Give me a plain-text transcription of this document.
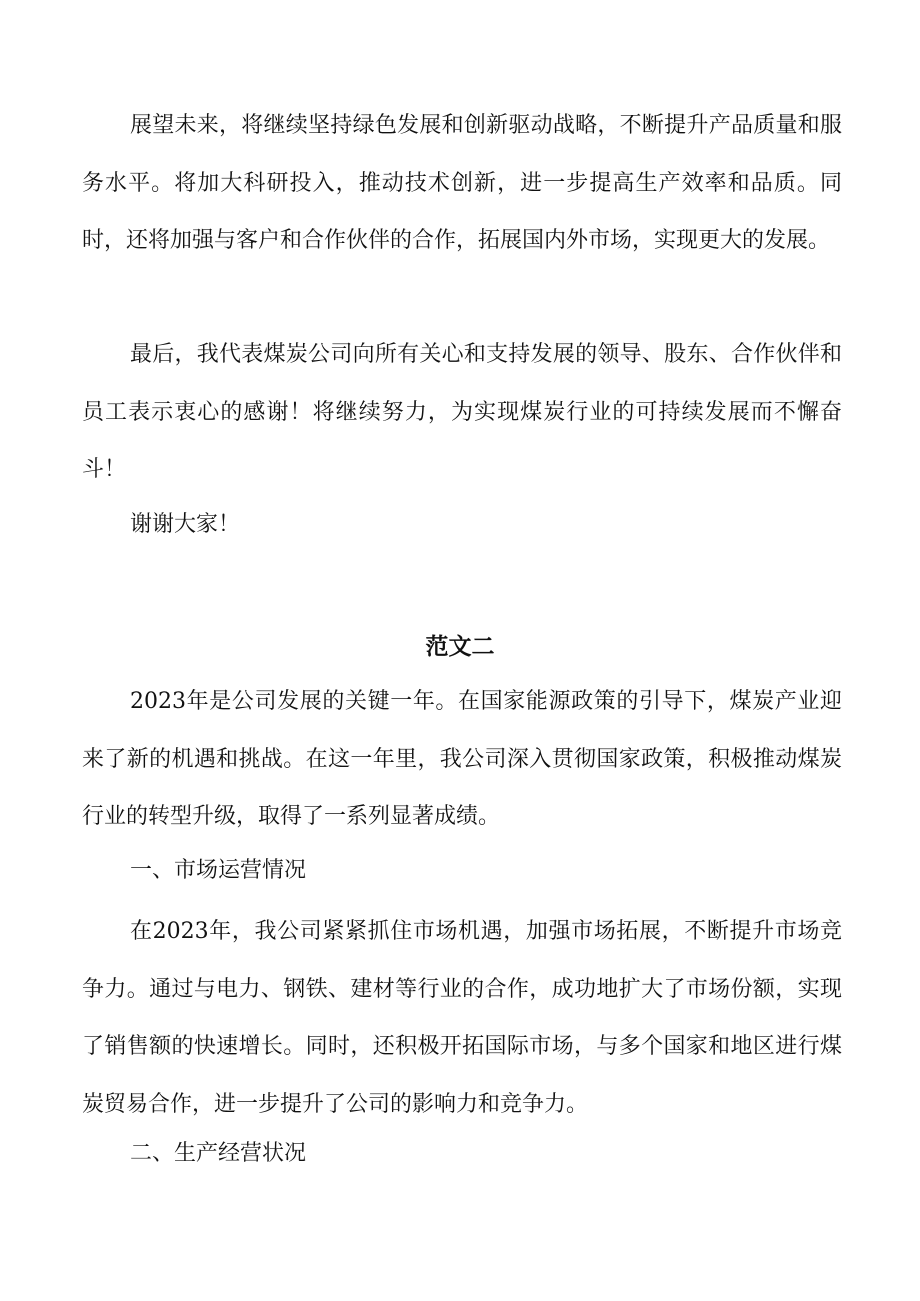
展望未来，将继续坚持绿色发展和创新驱动战略，不断提升产品质量和服务水平。将加大科研投入，推动技术创新，进一步提高生产效率和品质。同时，还将加强与客户和合作伙伴的合作，拓展国内外市场，实现更大的发展。

最后，我代表煤炭公司向所有关心和支持发展的领导、股东、合作伙伴和员工表示衷心的感谢！将继续努力，为实现煤炭行业的可持续发展而不懈奋斗！

谢谢大家！

范文二

2023年是公司发展的关键一年。在国家能源政策的引导下，煤炭产业迎来了新的机遇和挑战。在这一年里，我公司深入贯彻国家政策，积极推动煤炭行业的转型升级，取得了一系列显著成绩。

一、市场运营情况

在2023年，我公司紧紧抓住市场机遇，加强市场拓展，不断提升市场竞争力。通过与电力、钢铁、建材等行业的合作，成功地扩大了市场份额，实现了销售额的快速增长。同时，还积极开拓国际市场，与多个国家和地区进行煤炭贸易合作，进一步提升了公司的影响力和竞争力。

二、生产经营状况
